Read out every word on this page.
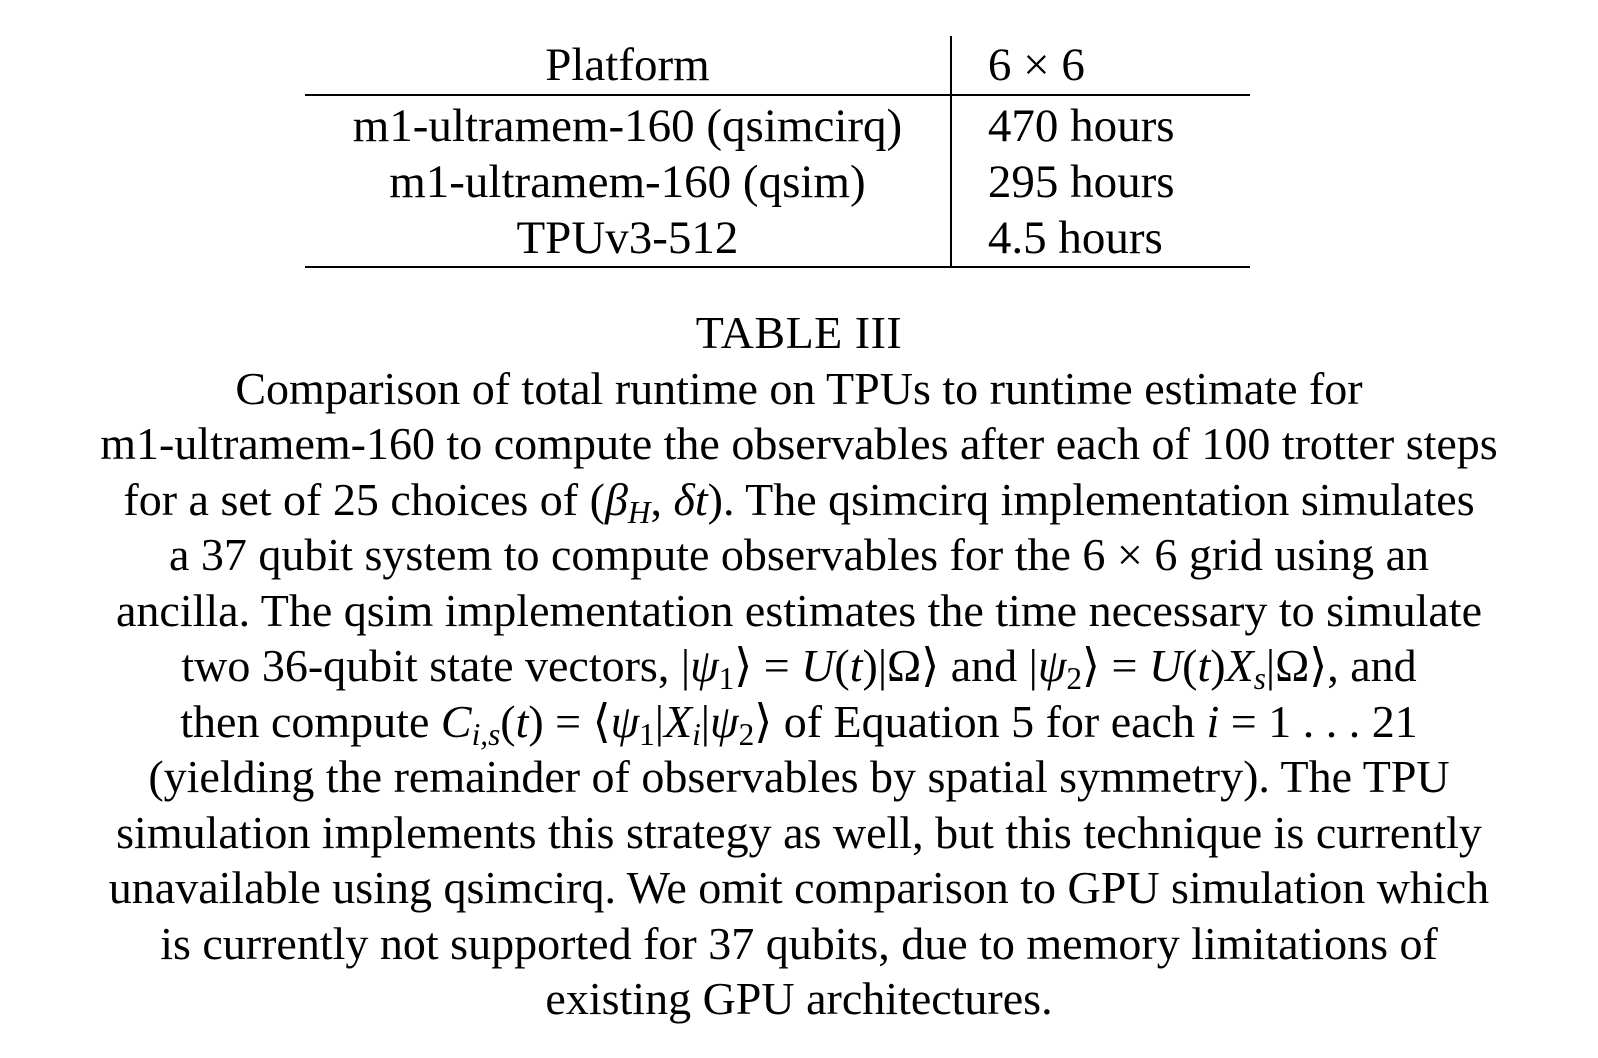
Platform	6 × 6
m1-ultramem-160 (qsimcirq)	470 hours
m1-ultramem-160 (qsim)	295 hours
TPUv3-512	4.5 hours
TABLE III
Comparison of total runtime on TPUs to runtime estimate for
m1-ultramem-160 to compute the observables after each of 100 trotter steps
for a set of 25 choices of ($\beta_H$, δt). The qsimcirq implementation simulates
a 37 qubit system to compute observables for the 6 × 6 grid using an
ancilla. The qsim implementation estimates the time necessary to simulate
two 36-qubit state vectors, $|\psi_1⟩$ = U(t)|Ω⟩ and $|\psi_2⟩$ = $U(t)X_s|\Omega⟩$, and
then compute $C_{i,s}(t)$ = $⟨\psi_1|X_i|\psi_2⟩$ of Equation 5 for each i = 1 . . . 21
(yielding the remainder of observables by spatial symmetry). The TPU
simulation implements this strategy as well, but this technique is currently
unavailable using qsimcirq. We omit comparison to GPU simulation which
is currently not supported for 37 qubits, due to memory limitations of
existing GPU architectures.
